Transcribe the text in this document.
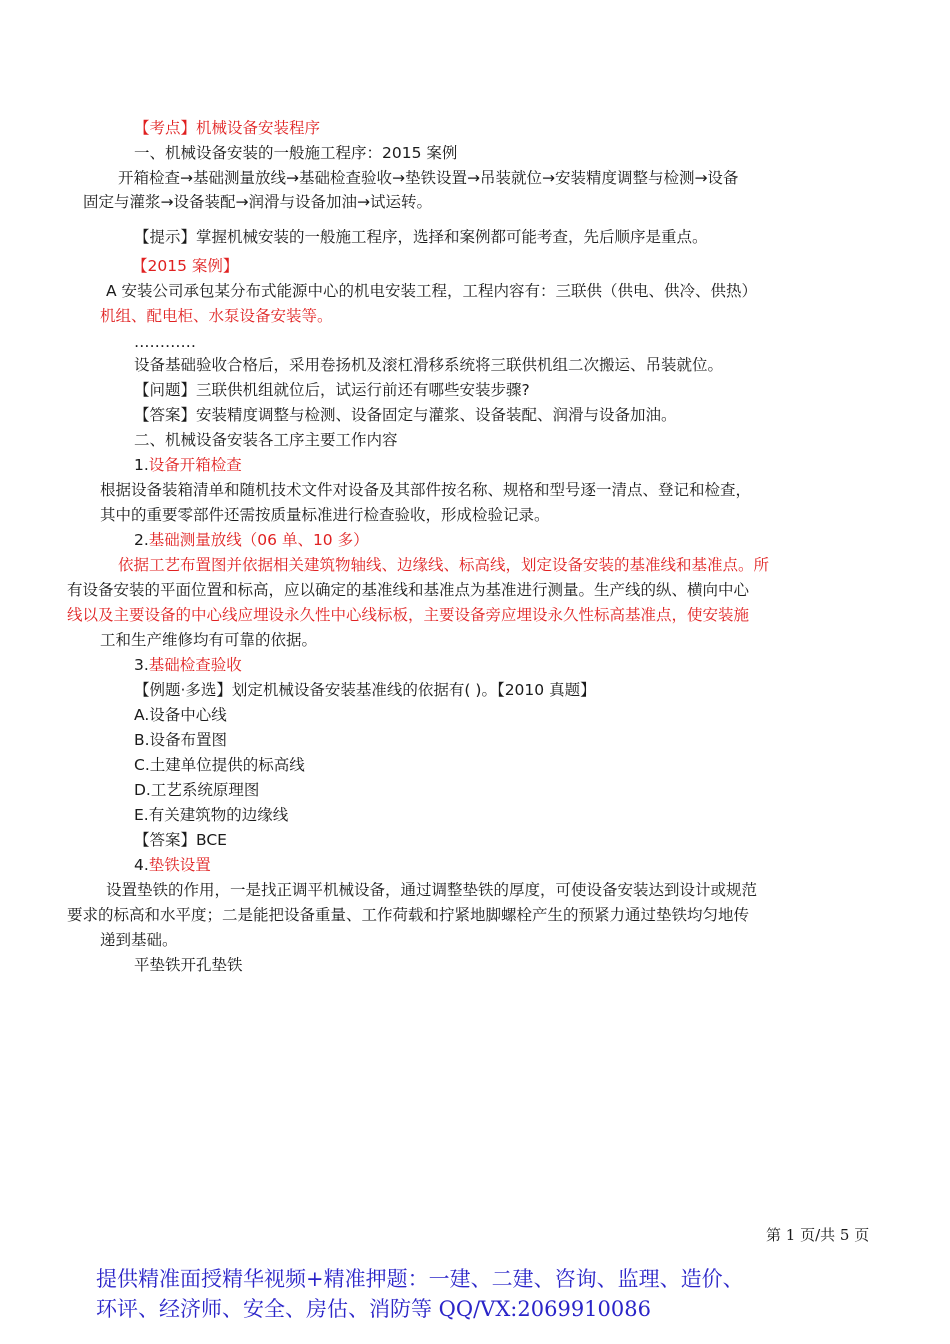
【考点】机械设备安装程序
一、机械设备安装的一般施工程序：2015 案例
开箱检查→基础测量放线→基础检查验收→垫铁设置→吊装就位→安装精度调整与检测→设备
固定与灌浆→设备装配→润滑与设备加油→试运转。
【提示】掌握机械安装的一般施工程序，选择和案例都可能考查，先后顺序是重点。
【2015 案例】
A 安装公司承包某分布式能源中心的机电安装工程，工程内容有：三联供（供电、供冷、供热）
机组、配电柜、水泵设备安装等。
…………
设备基础验收合格后，采用卷扬机及滚杠滑移系统将三联供机组二次搬运、吊装就位。
【问题】三联供机组就位后，试运行前还有哪些安装步骤?
【答案】安装精度调整与检测、设备固定与灌浆、设备装配、润滑与设备加油。
二、机械设备安装各工序主要工作内容
1.设备开箱检查
根据设备装箱清单和随机技术文件对设备及其部件按名称、规格和型号逐一清点、登记和检查，
其中的重要零部件还需按质量标准进行检查验收，形成检验记录。
2.基础测量放线（06 单、10 多）
依据工艺布置图并依据相关建筑物轴线、边缘线、标高线，划定设备安装的基准线和基准点。所
有设备安装的平面位置和标高，应以确定的基准线和基准点为基准进行测量。生产线的纵、横向中心
线以及主要设备的中心线应埋设永久性中心线标板，主要设备旁应埋设永久性标高基准点，使安装施
工和生产维修均有可靠的依据。
3.基础检查验收
【例题·多选】划定机械设备安装基准线的依据有( )。【2010 真题】
A.设备中心线
B.设备布置图
C.土建单位提供的标高线
D.工艺系统原理图
E.有关建筑物的边缘线
【答案】BCE
4.垫铁设置
设置垫铁的作用，一是找正调平机械设备，通过调整垫铁的厚度，可使设备安装达到设计或规范
要求的标高和水平度；二是能把设备重量、工作荷载和拧紧地脚螺栓产生的预紧力通过垫铁均匀地传
递到基础。
平垫铁开孔垫铁
第 1 页/共 5 页
提供精准面授精华视频+精准押题：一建、二建、咨询、监理、造价、
环评、经济师、安全、房估、消防等 QQ/VX:2069910086
